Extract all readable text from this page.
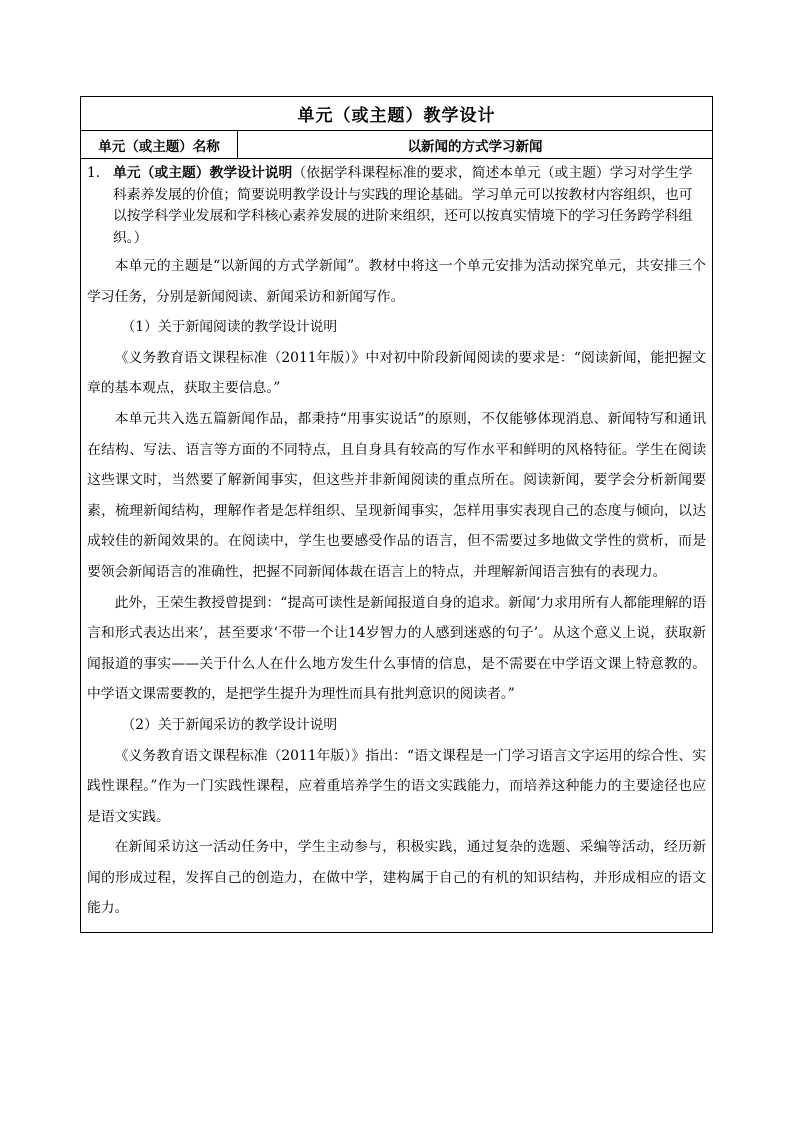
单元（或主题）教学设计
单元（或主题）名称	以新闻的方式学习新闻
1. 单元（或主题）教学设计说明（依据学科课程标准的要求，简述本单元（或主题）学习对学生学科素养发展的价值；简要说明教学设计与实践的理论基础。学习单元可以按教材内容组织，也可以按学科学业发展和学科核心素养发展的进阶来组织，还可以按真实情境下的学习任务跨学科组织。）

本单元的主题是“以新闻的方式学新闻”。教材中将这一个单元安排为活动探究单元，共安排三个学习任务，分别是新闻阅读、新闻采访和新闻写作。

（1）关于新闻阅读的教学设计说明

《义务教育语文课程标准（2011年版）》中对初中阶段新闻阅读的要求是：“阅读新闻，能把握文章的基本观点，获取主要信息。”

本单元共入选五篇新闻作品，都秉持“用事实说话”的原则，不仅能够体现消息、新闻特写和通讯在结构、写法、语言等方面的不同特点，且自身具有较高的写作水平和鲜明的风格特征。学生在阅读这些课文时，当然要了解新闻事实，但这些并非新闻阅读的重点所在。阅读新闻，要学会分析新闻要素，梳理新闻结构，理解作者是怎样组织、呈现新闻事实，怎样用事实表现自己的态度与倾向，以达成较佳的新闻效果的。在阅读中，学生也要感受作品的语言，但不需要过多地做文学性的赏析，而是要领会新闻语言的准确性，把握不同新闻体裁在语言上的特点，并理解新闻语言独有的表现力。

此外，王荣生教授曾提到：“提高可读性是新闻报道自身的追求。新闻‘力求用所有人都能理解的语言和形式表达出来’，甚至要求‘不带一个让14岁智力的人感到迷惑的句子’。从这个意义上说，获取新闻报道的事实——关于什么人在什么地方发生什么事情的信息，是不需要在中学语文课上特意教的。中学语文课需要教的，是把学生提升为理性而具有批判意识的阅读者。”

（2）关于新闻采访的教学设计说明

《义务教育语文课程标准（2011年版）》指出：“语文课程是一门学习语言文字运用的综合性、实践性课程。”作为一门实践性课程，应着重培养学生的语文实践能力，而培养这种能力的主要途径也应是语文实践。

在新闻采访这一活动任务中，学生主动参与，积极实践，通过复杂的选题、采编等活动，经历新闻的形成过程，发挥自己的创造力，在做中学，建构属于自己的有机的知识结构，并形成相应的语文能力。
